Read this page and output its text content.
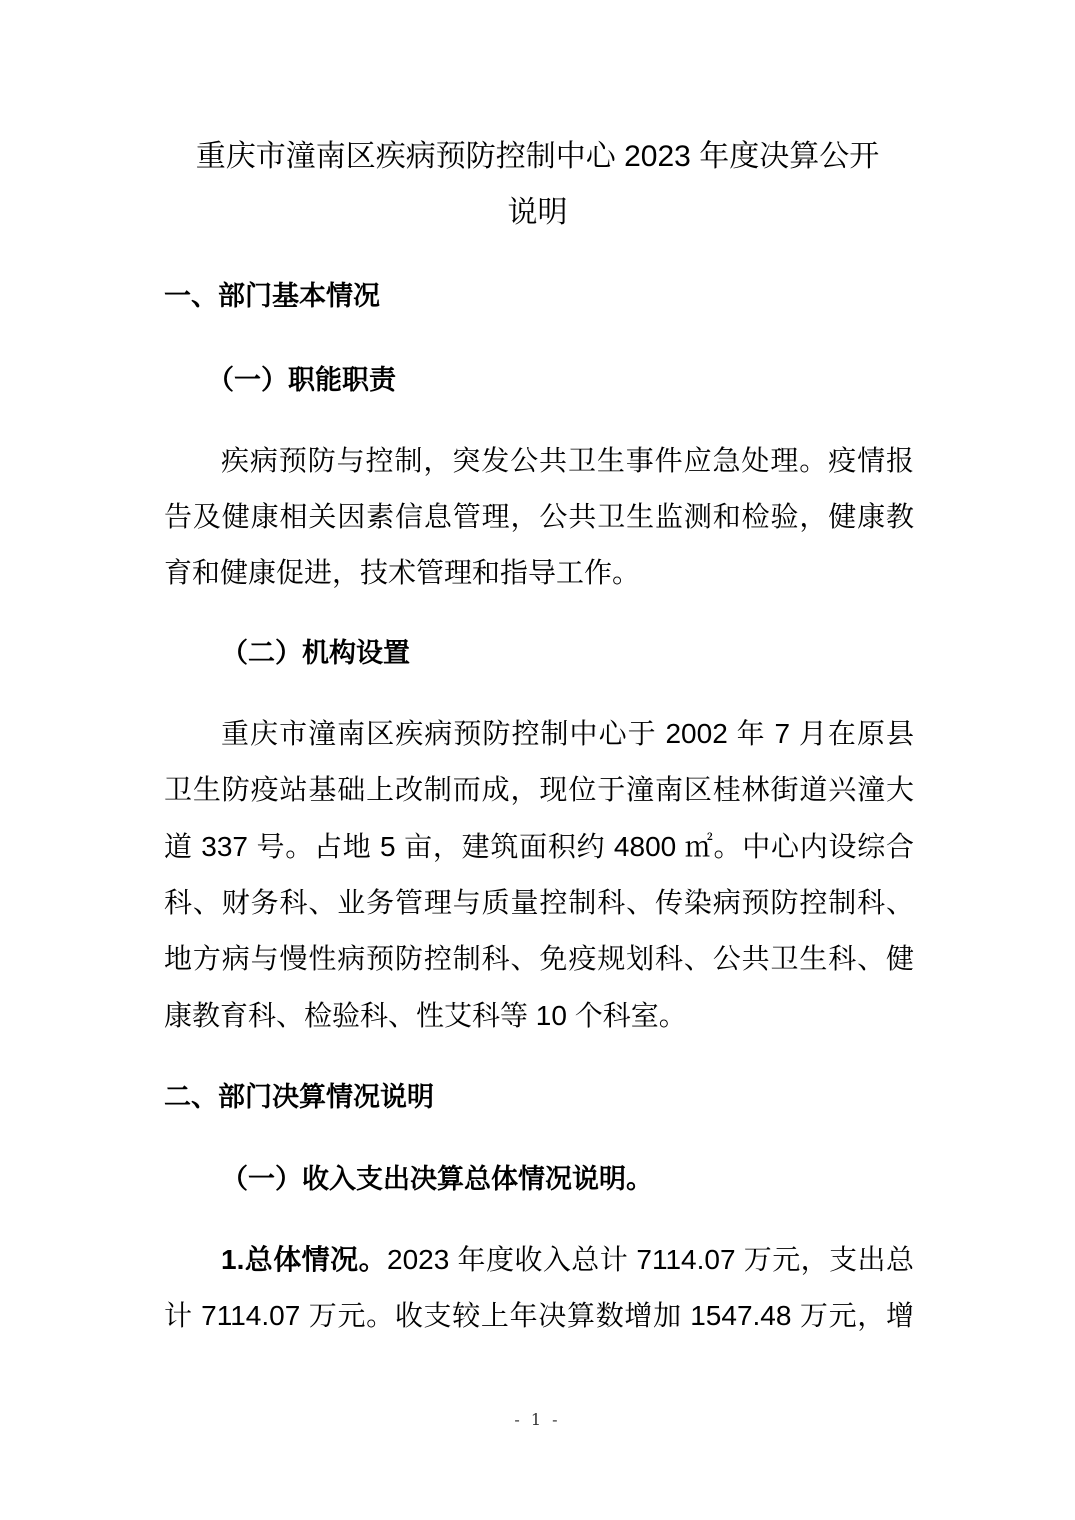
重庆市潼南区疾病预防控制中心 2023 年度决算公开
说明
一、部门基本情况
（一）职能职责
疾病预防与控制，突发公共卫生事件应急处理。疫情报
告及健康相关因素信息管理，公共卫生监测和检验，健康教
育和健康促进，技术管理和指导工作。
（二）机构设置
重庆市潼南区疾病预防控制中心于 2002 年 7 月在原县
卫生防疫站基础上改制而成，现位于潼南区桂林街道兴潼大
道 337 号。占地 5 亩，建筑面积约 4800 ㎡。中心内设综合
科、财务科、业务管理与质量控制科、传染病预防控制科、
地方病与慢性病预防控制科、免疫规划科、公共卫生科、健
康教育科、检验科、性艾科等 10 个科室。
二、部门决算情况说明
（一）收入支出决算总体情况说明。
1.总体情况。2023 年度收入总计 7114.07 万元，支出总
计 7114.07 万元。收支较上年决算数增加 1547.48 万元，增
- 1 -
